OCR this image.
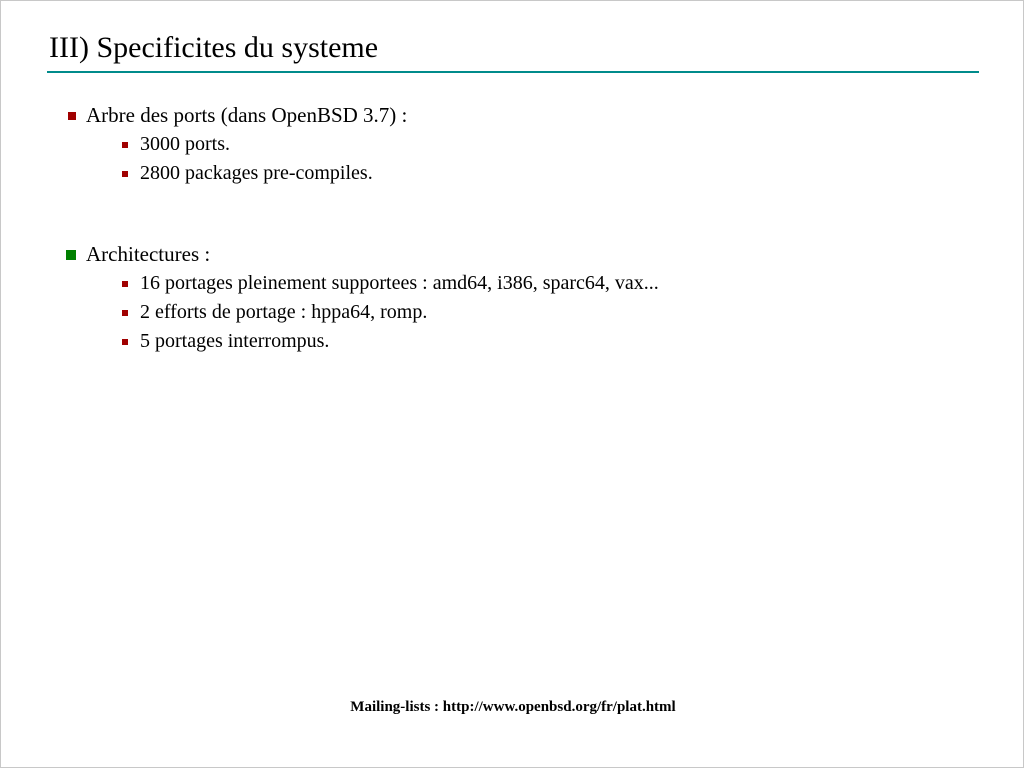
III) Specificites du systeme
Arbre des ports (dans OpenBSD 3.7) :
3000 ports.
2800 packages pre-compiles.
Architectures :
16 portages pleinement supportees : amd64, i386, sparc64, vax...
2 efforts de portage : hppa64, romp.
5 portages interrompus.
Mailing-lists : http://www.openbsd.org/fr/plat.html
